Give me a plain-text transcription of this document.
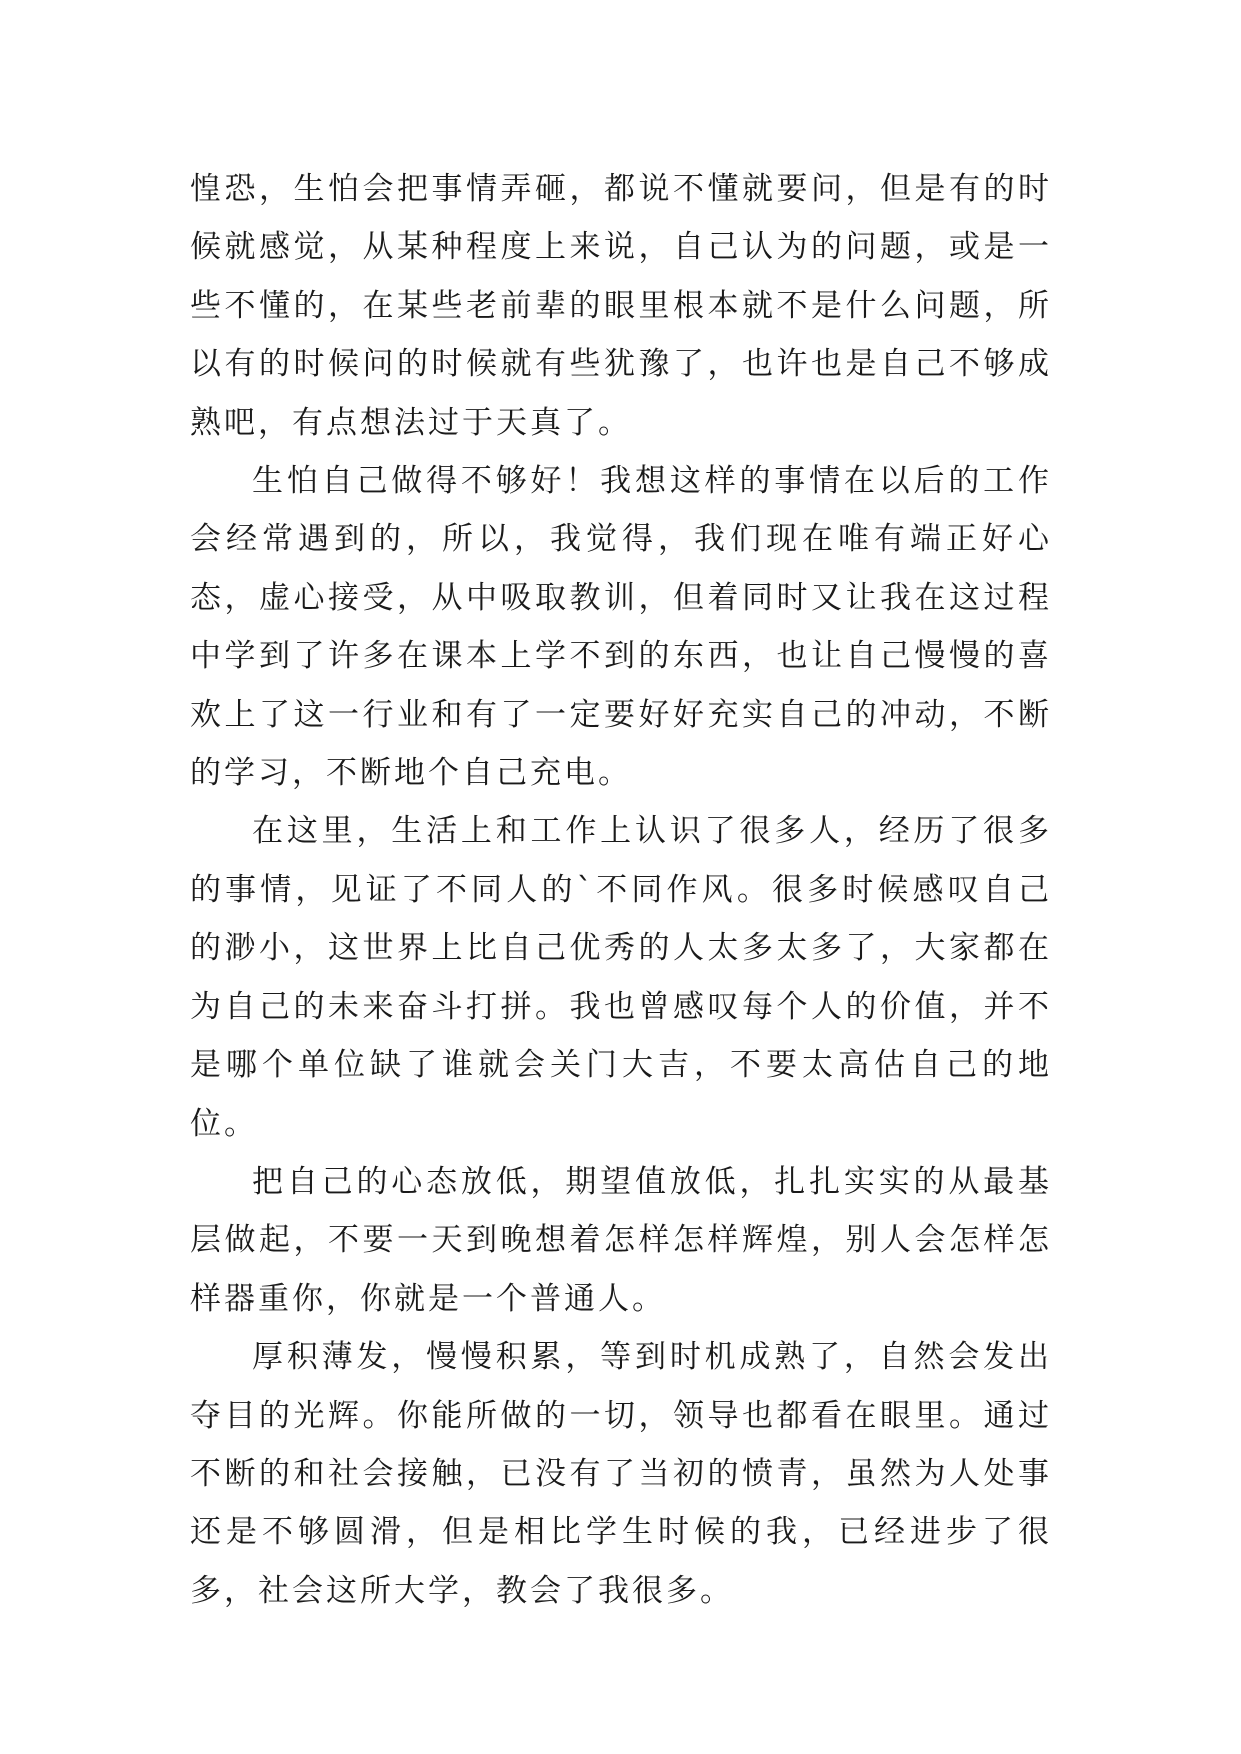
惶恐，生怕会把事情弄砸，都说不懂就要问，但是有的时候就感觉，从某种程度上来说，自己认为的问题，或是一些不懂的，在某些老前辈的眼里根本就不是什么问题，所以有的时候问的时候就有些犹豫了，也许也是自己不够成熟吧，有点想法过于天真了。

生怕自己做得不够好！我想这样的事情在以后的工作会经常遇到的，所以，我觉得，我们现在唯有端正好心态，虚心接受，从中吸取教训，但着同时又让我在这过程中学到了许多在课本上学不到的东西，也让自己慢慢的喜欢上了这一行业和有了一定要好好充实自己的冲动，不断的学习，不断地个自己充电。

在这里，生活上和工作上认识了很多人，经历了很多的事情，见证了不同人的`不同作风。很多时候感叹自己的渺小，这世界上比自己优秀的人太多太多了，大家都在为自己的未来奋斗打拼。我也曾感叹每个人的价值，并不是哪个单位缺了谁就会关门大吉，不要太高估自己的地位。

把自己的心态放低，期望值放低，扎扎实实的从最基层做起，不要一天到晚想着怎样怎样辉煌，别人会怎样怎样器重你，你就是一个普通人。

厚积薄发，慢慢积累，等到时机成熟了，自然会发出夺目的光辉。你能所做的一切，领导也都看在眼里。通过不断的和社会接触，已没有了当初的愤青，虽然为人处事还是不够圆滑，但是相比学生时候的我，已经进步了很多，社会这所大学，教会了我很多。
